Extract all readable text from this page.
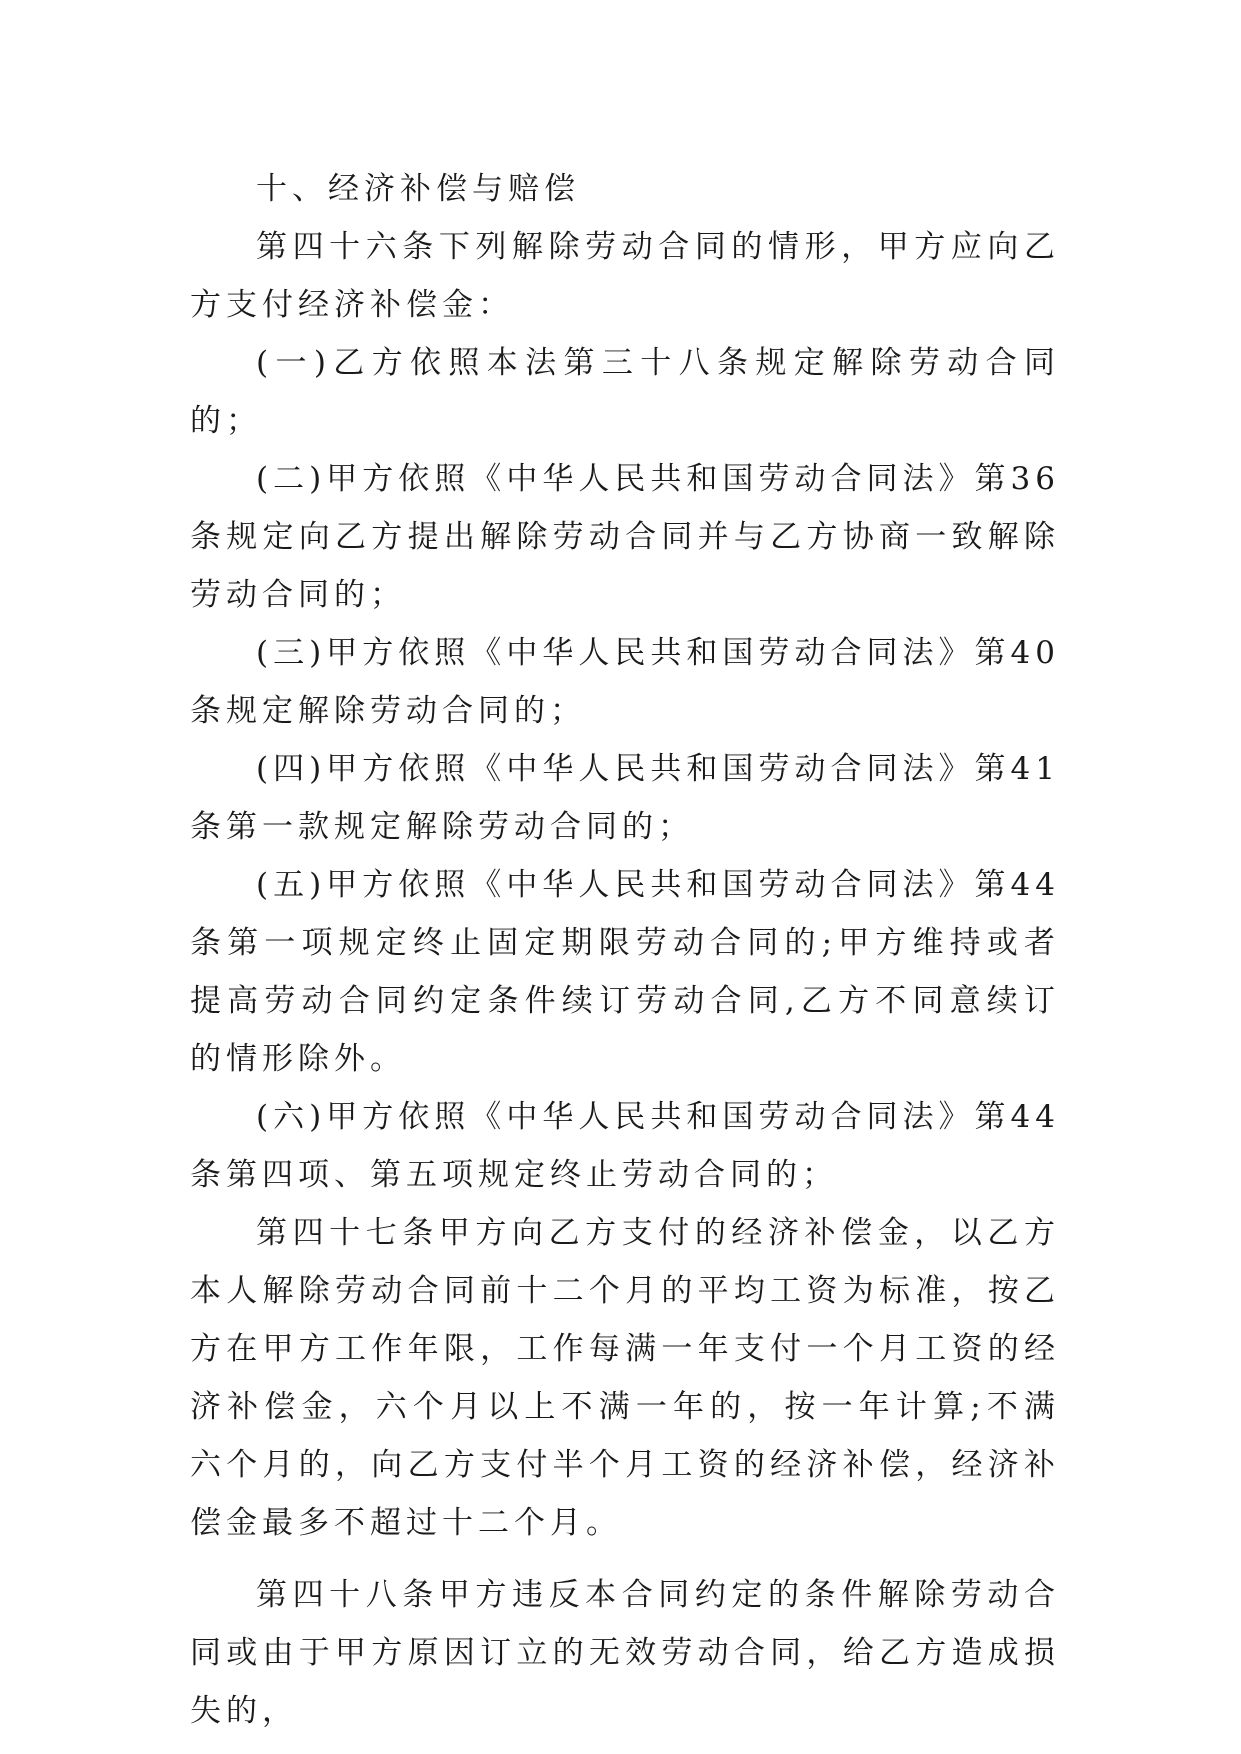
十、经济补偿与赔偿

第四十六条下列解除劳动合同的情形，甲方应向乙方支付经济补偿金：

(一)乙方依照本法第三十八条规定解除劳动合同的；

(二)甲方依照《中华人民共和国劳动合同法》第36条规定向乙方提出解除劳动合同并与乙方协商一致解除劳动合同的；

(三)甲方依照《中华人民共和国劳动合同法》第40条规定解除劳动合同的；

(四)甲方依照《中华人民共和国劳动合同法》第41条第一款规定解除劳动合同的；

(五)甲方依照《中华人民共和国劳动合同法》第44条第一项规定终止固定期限劳动合同的;甲方维持或者提高劳动合同约定条件续订劳动合同,乙方不同意续订的情形除外。

(六)甲方依照《中华人民共和国劳动合同法》第44条第四项、第五项规定终止劳动合同的；

第四十七条甲方向乙方支付的经济补偿金，以乙方本人解除劳动合同前十二个月的平均工资为标准，按乙方在甲方工作年限，工作每满一年支付一个月工资的经济补偿金，六个月以上不满一年的，按一年计算;不满六个月的，向乙方支付半个月工资的经济补偿，经济补偿金最多不超过十二个月。

第四十八条甲方违反本合同约定的条件解除劳动合同或由于甲方原因订立的无效劳动合同，给乙方造成损失的，
